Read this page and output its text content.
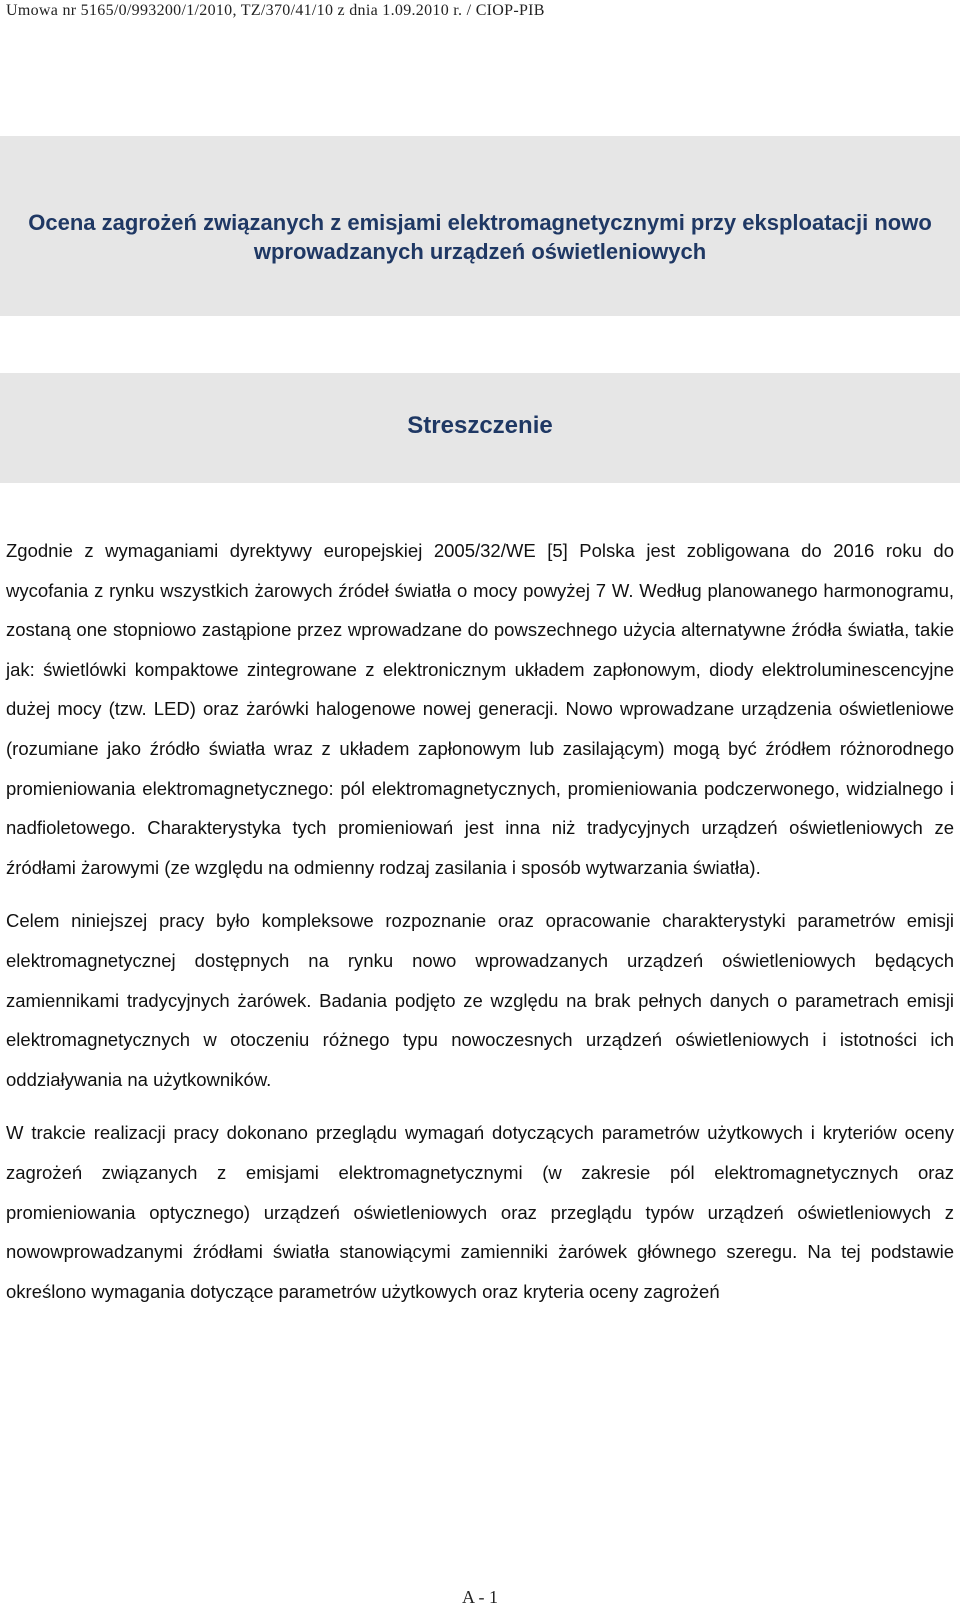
Umowa nr 5165/0/993200/1/2010, TZ/370/41/10 z dnia 1.09.2010 r. / CIOP-PIB
Ocena zagrożeń związanych z emisjami elektromagnetycznymi przy eksploatacji nowo wprowadzanych urządzeń oświetleniowych
Streszczenie

Zgodnie z wymaganiami dyrektywy europejskiej 2005/32/WE [5] Polska jest zobligowana do 2016 roku do wycofania z rynku wszystkich żarowych źródeł światła o mocy powyżej 7 W. Według planowanego harmonogramu, zostaną one stopniowo zastąpione przez wprowadzane do powszechnego użycia alternatywne źródła światła, takie jak: świetlówki kompaktowe zintegrowane z elektronicznym układem zapłonowym, diody elektroluminescencyjne dużej mocy (tzw. LED) oraz żarówki halogenowe nowej generacji. Nowo wprowadzane urządzenia oświetleniowe (rozumiane jako źródło światła wraz z układem zapłonowym lub zasilającym) mogą być źródłem różnorodnego promieniowania elektromagnetycznego: pól elektromagnetycznych, promieniowania podczerwonego, widzialnego i nadfioletowego. Charakterystyka tych promieniowań jest inna niż tradycyjnych urządzeń oświetleniowych ze źródłami żarowymi (ze względu na odmienny rodzaj zasilania i sposób wytwarzania światła).

Celem niniejszej pracy było kompleksowe rozpoznanie oraz opracowanie charakterystyki parametrów emisji elektromagnetycznej dostępnych na rynku nowo wprowadzanych urządzeń oświetleniowych będących zamiennikami tradycyjnych żarówek. Badania podjęto ze względu na brak pełnych danych o parametrach emisji elektromagnetycznych w otoczeniu różnego typu nowoczesnych urządzeń oświetleniowych i istotności ich oddziaływania na użytkowników.

W trakcie realizacji pracy dokonano przeglądu wymagań dotyczących parametrów użytkowych i kryteriów oceny zagrożeń związanych z emisjami elektromagnetycznymi (w zakresie pól elektromagnetycznych oraz promieniowania optycznego) urządzeń oświetleniowych oraz przeglądu typów urządzeń oświetleniowych z nowowprowadzanymi źródłami światła stanowiącymi zamienniki żarówek głównego szeregu. Na tej podstawie określono wymagania dotyczące parametrów użytkowych oraz kryteria oceny zagrożeń

A - 1
